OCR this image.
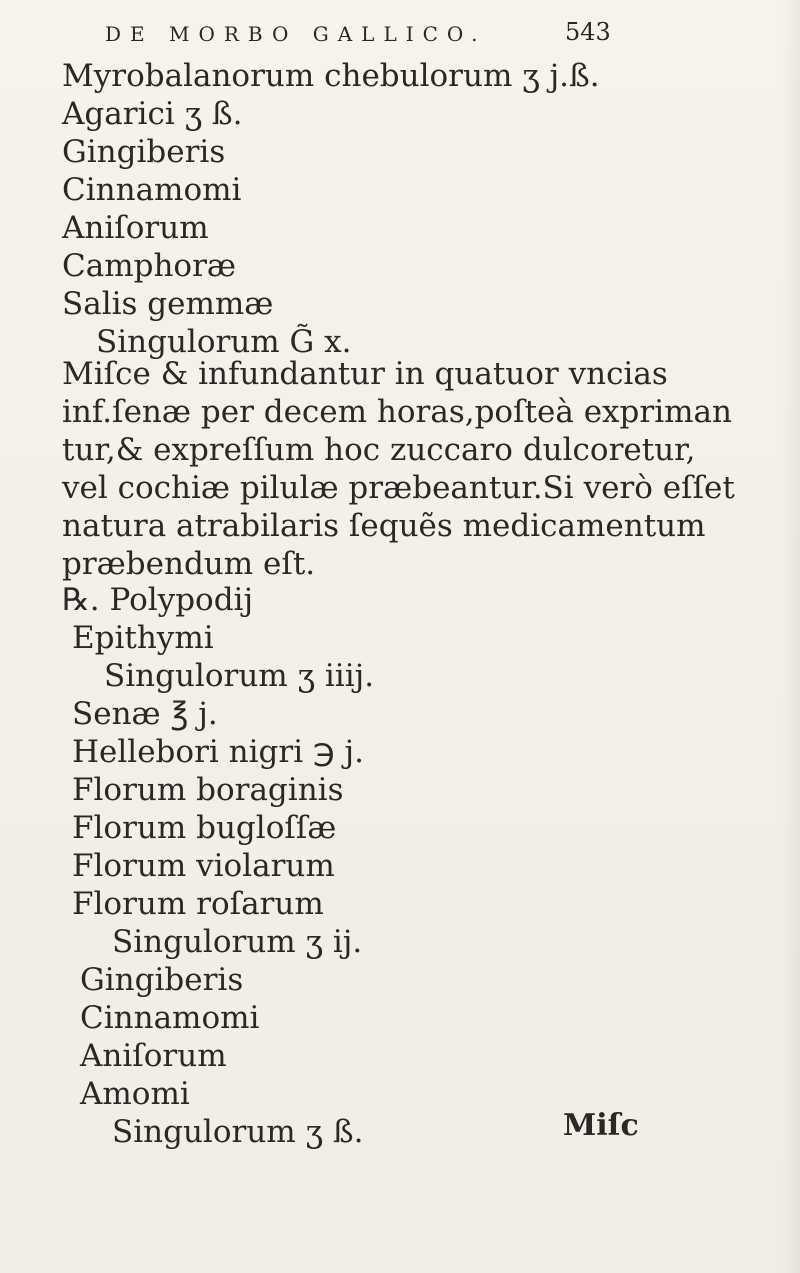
DE MORBO GALLICO.	543
Myrobalanorum chebulorum ʒ j.ß.
Agarici ʒ ß.
Gingiberis
Cinnamomi
Aniſorum
Camphoræ
Salis gemmæ
Singulorum G̃ x.
Miſce & infundantur in quatuor vncias
inf.ſenæ per decem horas,poſteà expriman
tur,& expreſſum hoc zuccaro dulcoretur,
vel cochiæ pilulæ præbeantur.Si verò eſſet
natura atrabilaris ſequẽs medicamentum
præbendum eſt.
℞. Polypodij
Epithymi
Singulorum ʒ iiij.
Senæ ℥ j.
Hellebori nigri ℈ j.
Florum boraginis
Florum bugloſſæ
Florum violarum
Florum roſarum
Singulorum ʒ ij.
Gingiberis
Cinnamomi
Aniſorum
Amomi
Singulorum ʒ ß.	Miſc
